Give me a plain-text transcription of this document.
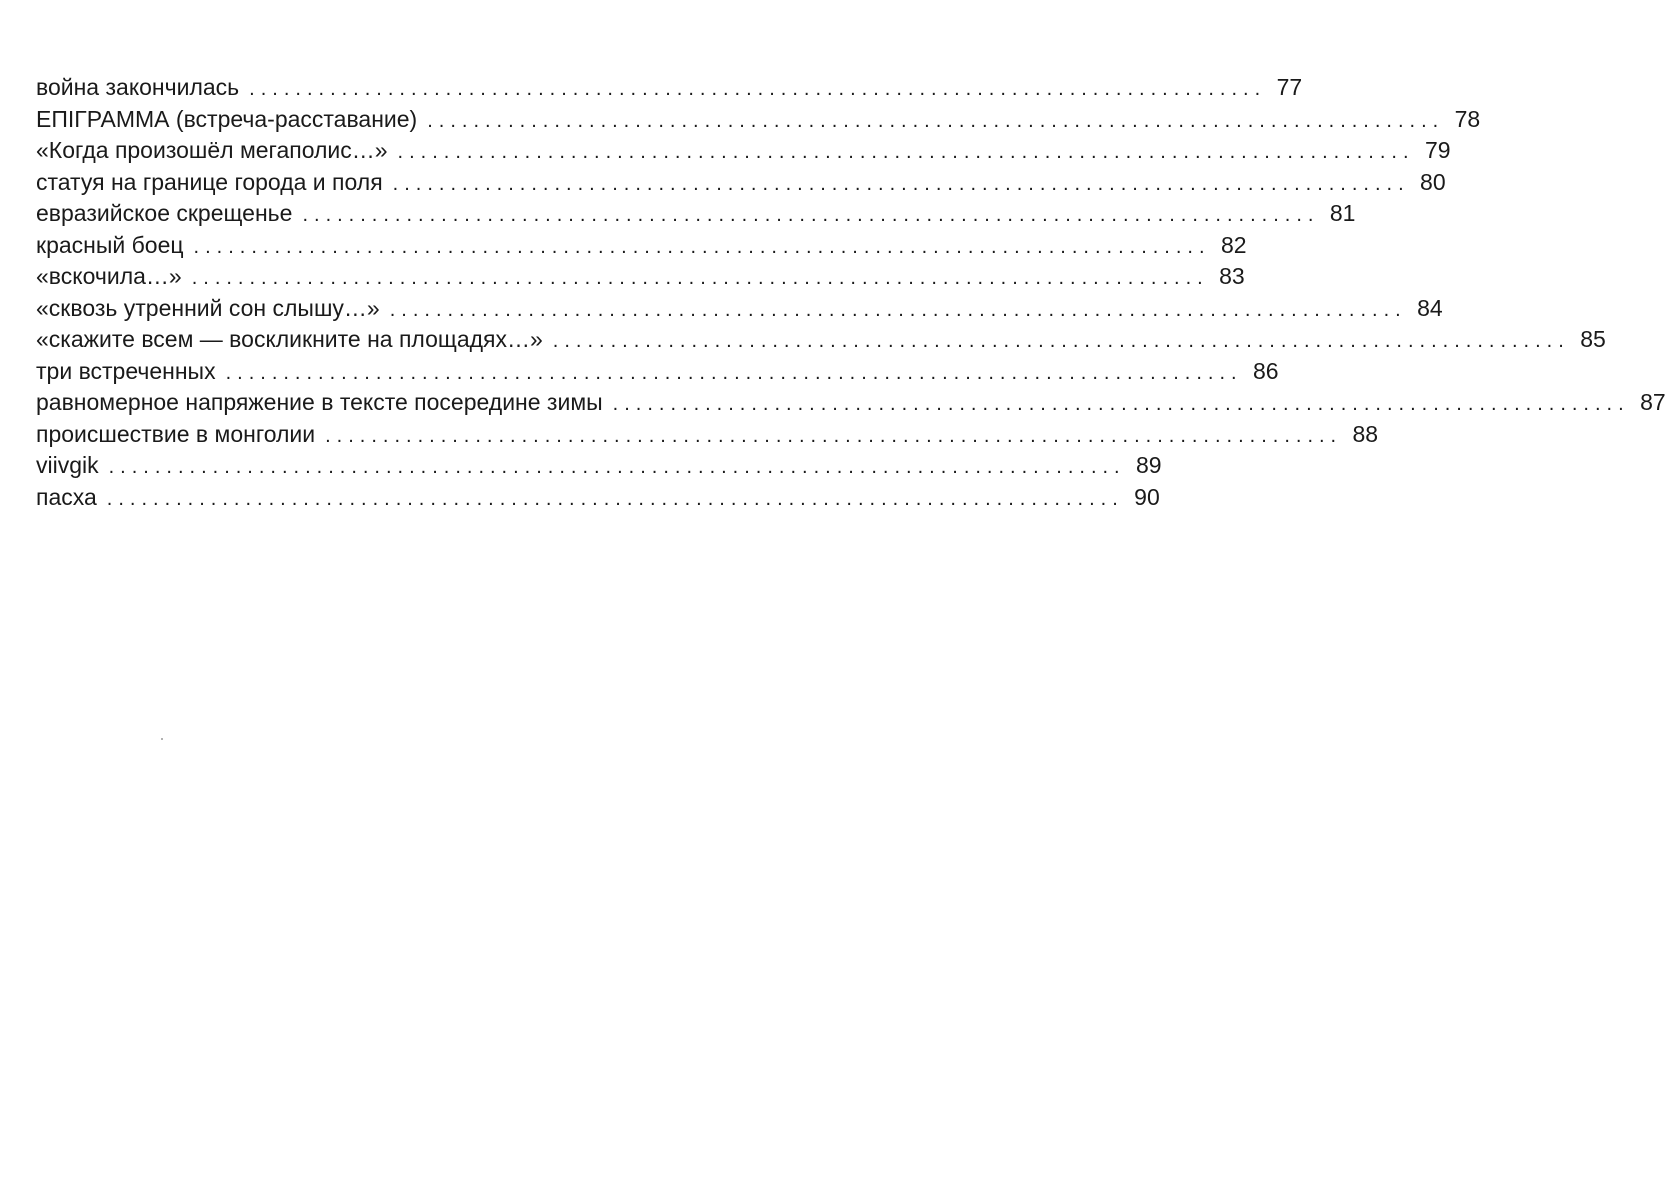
война закончилась ........................................................................................ 77
ЕПІГРАММА (встреча-расставание) ........................................................................................ 78
«Когда произошёл мегаполис…» ........................................................................................ 79
статуя на границе города и поля ........................................................................................ 80
евразийское скрещенье ........................................................................................ 81
красный боец ........................................................................................ 82
«вскочила…» ........................................................................................ 83
«сквозь утренний сон слышу…» ........................................................................................ 84
«скажите всем — воскликните на площадях…» ........................................................................................ 85
три встреченных ........................................................................................ 86
равномерное напряжение в тексте посередине зимы ........................................................................................ 87
происшествие в монголии ........................................................................................ 88
viivgik ........................................................................................ 89
пасха ........................................................................................ 90
